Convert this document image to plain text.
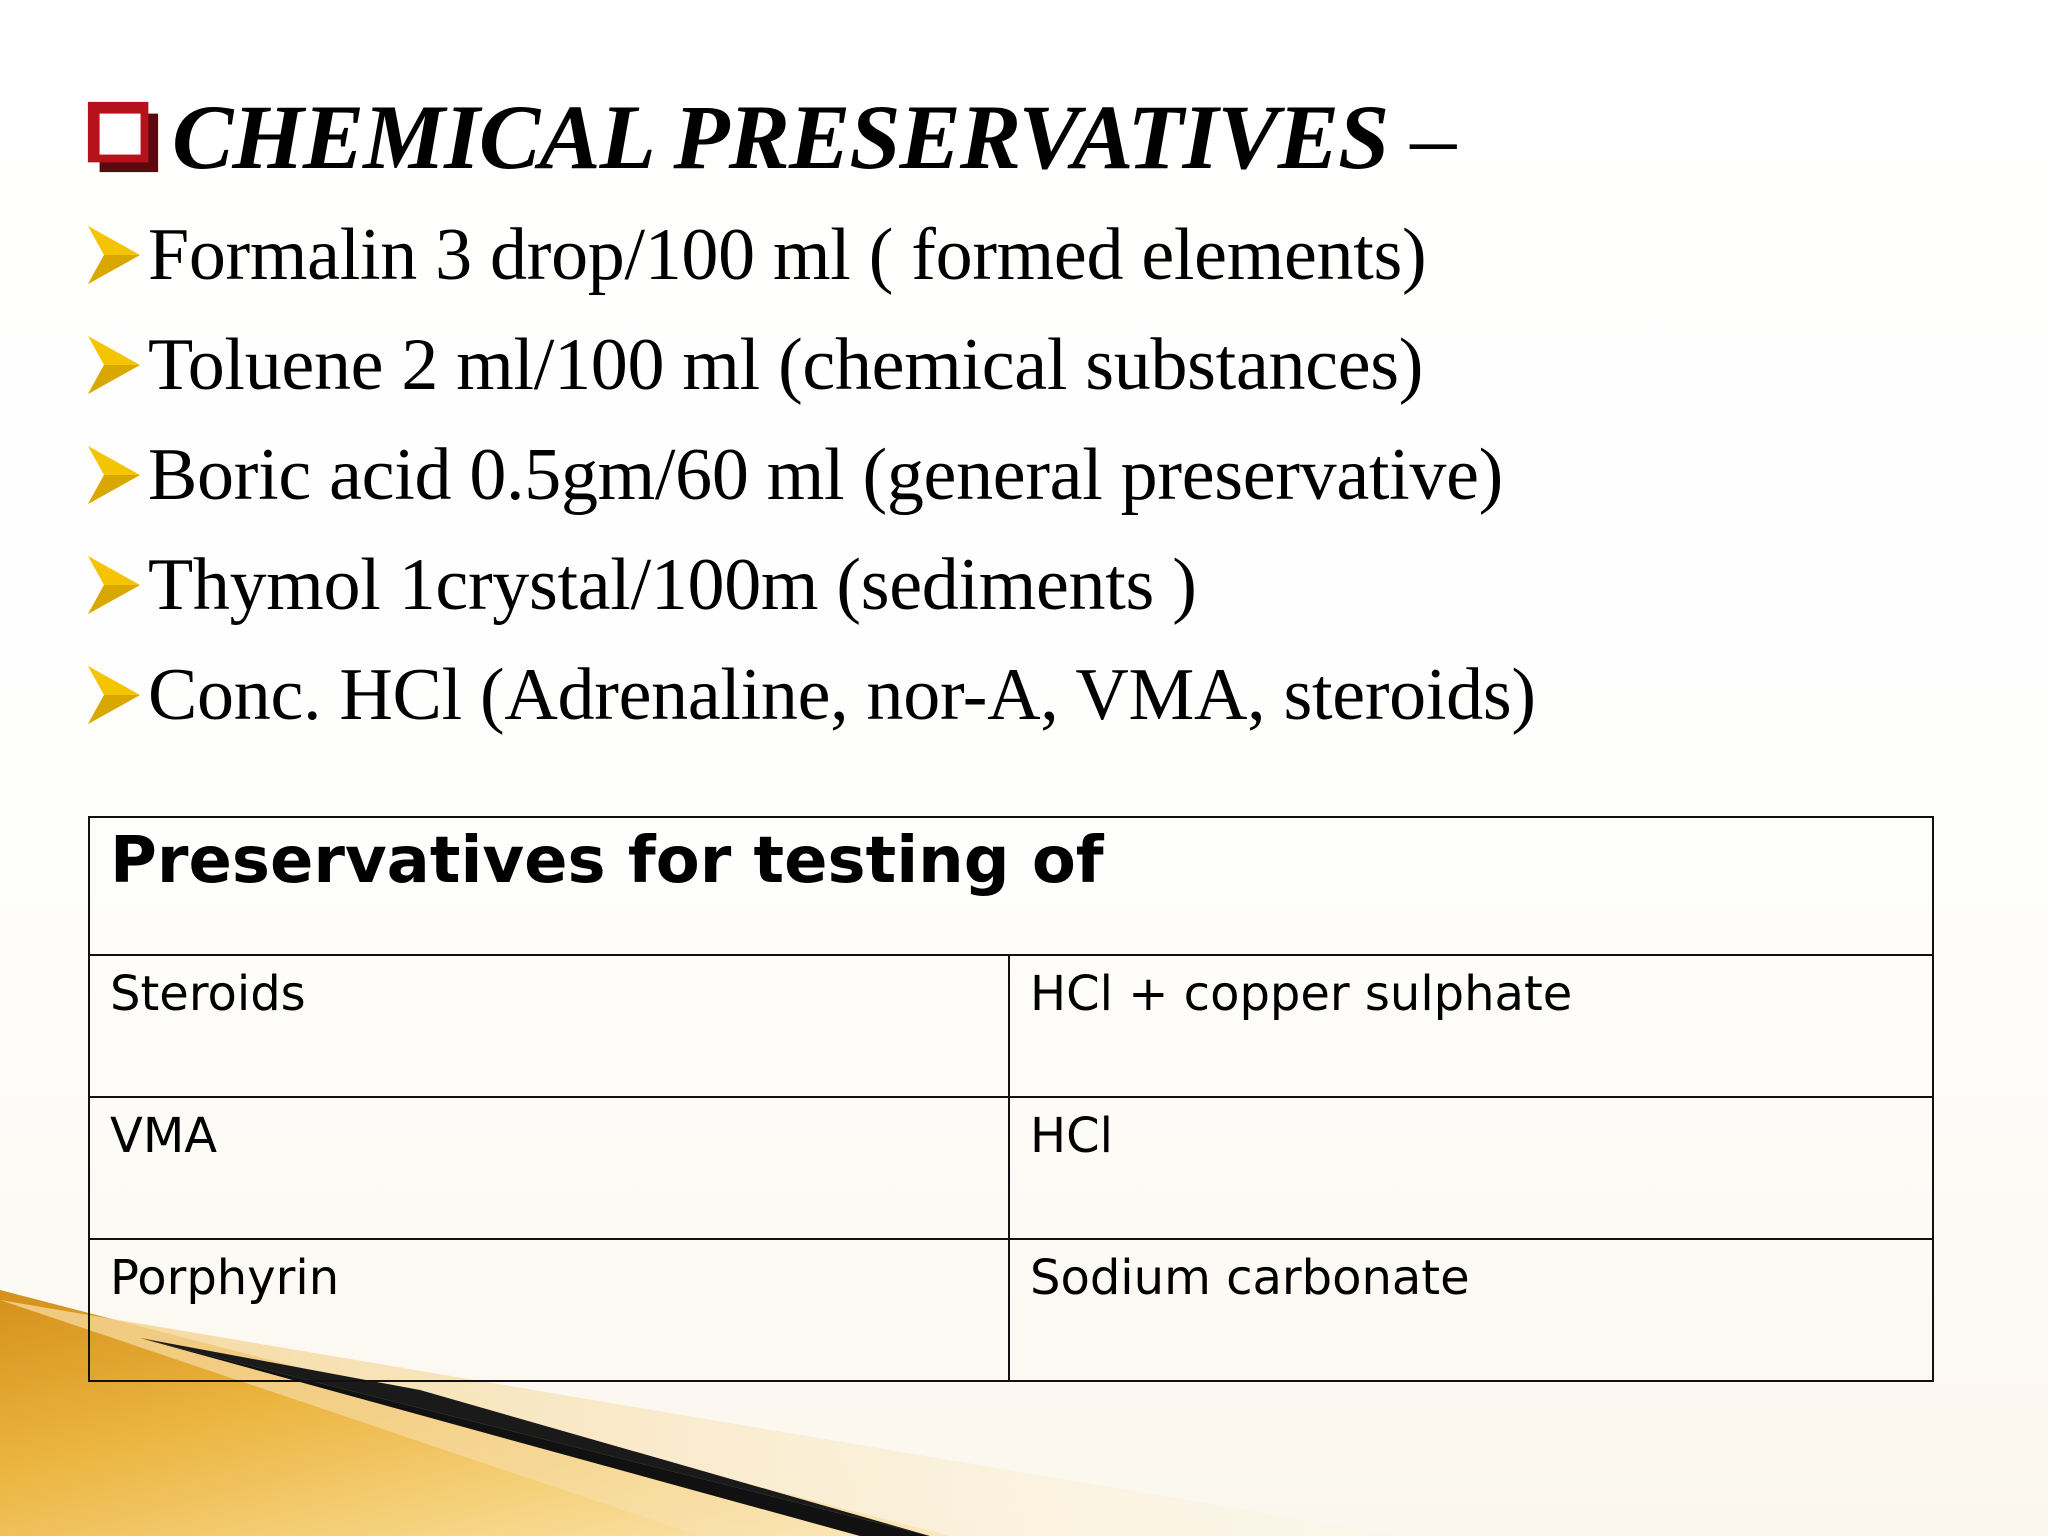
CHEMICAL PRESERVATIVES –
Formalin 3 drop/100 ml ( formed elements)
Toluene 2 ml/100 ml (chemical substances)
Boric acid 0.5gm/60 ml (general preservative)
Thymol 1crystal/100m (sediments )
Conc. HCl (Adrenaline, nor-A, VMA, steroids)
Preservatives for testing of	
Steroids	HCl + copper sulphate
VMA	HCl
Porphyrin	Sodium carbonate
